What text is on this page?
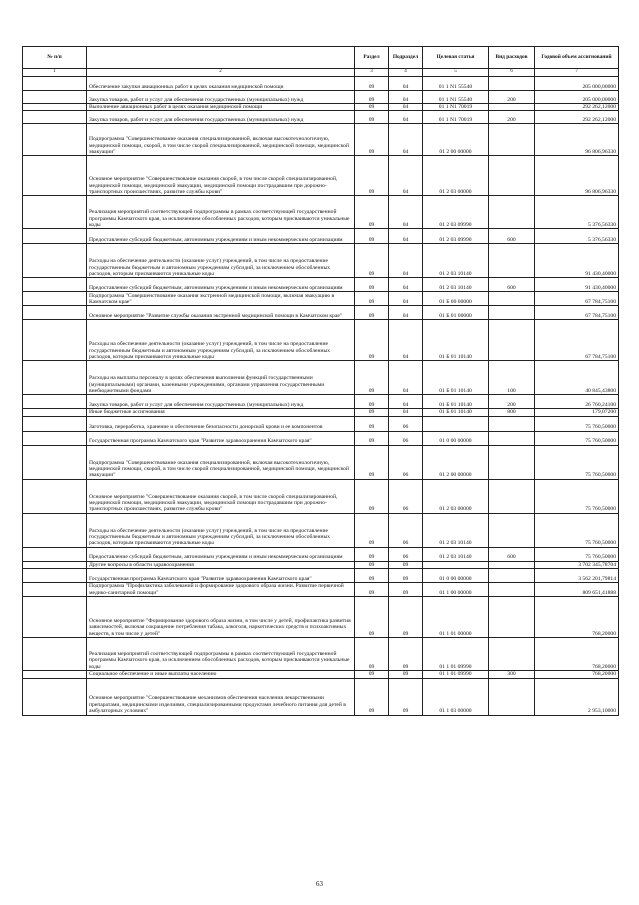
№ п/п		Раздел	Подраздел	Целевая статья	Вид расходов	Годовой объем ассигнований
1	2	3	4	5	6	7
	Обеспечение закупки авиационных работ в целях оказания медицинской помощи	09	04	01 1 N1 55540		205 000,00000
	Закупка товаров, работ и услуг для обеспечения государственных (муниципальных) нужд	09	04	01 1 N1 55540	200	205 000,00000
	Выполнение авиационных работ в целях оказания медицинской помощи	09	04	01 1 N1 70019		292 262,12000
	Закупка товаров, работ и услуг для обеспечения государственных (муниципальных) нужд	09	04	01 1 N1 70019	200	292 262,12000
	Подпрограмма "Совершенствование оказания специализированной, включая высокотехнологичную, медицинской помощи, скорой, в том числе скорой специализированной, медицинской помощи, медицинской эвакуации"	09	04	01 2 00 00000		96 806,96330
	Основное мероприятие "Совершенствование оказания скорой, в том числе скорой специализированной, медицинской помощи, медицинской эвакуации, медицинской помощи пострадавшим при дорожно-транспортных происшествиях, развитие службы крови"	09	04	01 2 03 00000		96 806,96330
	Реализация мероприятий соответствующей подпрограммы в рамках соответствующей государственной программы Камчатского края, за исключением обособленных расходов, которым присваиваются уникальные коды	09	04	01 2 03 09990		5 376,56330
	Предоставление субсидий бюджетным, автономным учреждениям и иным некоммерческим организациям	09	04	01 2 03 09990	600	5 376,56330
	Расходы на обеспечение деятельности (оказание услуг) учреждений, в том числе на предоставление государственным бюджетным и автономным учреждениям субсидий, за исключением обособленных расходов, которым присваиваются уникальные коды	09	04	01 2 03 10140		91 430,40000
	Предоставление субсидий бюджетным, автономным учреждениям и иным некоммерческим организациям	09	04	01 2 03 10140	600	91 430,40000
	Подпрограмма "Совершенствование оказания экстренной медицинской помощи, включая эвакуацию в Камчатском крае"	09	04	01 Б 00 00000		67 784,75100
	Основное мероприятие "Развитие службы оказания экстренной медицинской помощи в Камчатском крае"	09	04	01 Б 01 00000		67 784,75100
	Расходы на обеспечение деятельности (оказание услуг) учреждений, в том числе на предоставление государственным бюджетным и автономным учреждениям субсидий, за исключением обособленных расходов, которым присваиваются уникальные коды	09	04	01 Б 01 10140		67 784,75100
	Расходы на выплаты персоналу в целях обеспечения выполнения функций государственными (муниципальными) органами, казенными учреждениями, органами управления государственными внебюджетными фондами	09	04	01 Б 01 10140	100	40 845,43800
	Закупка товаров, работ и услуг для обеспечения государственных (муниципальных) нужд	09	04	01 Б 01 10140	200	26 760,24100
	Иные бюджетные ассигнования	09	04	01 Б 01 10140	800	179,07200
	Заготовка, переработка, хранение и обеспечение безопасности донорской крови и ее компонентов	09	06			75 760,50000
	Государственная программа Камчатского края "Развитие здравоохранения Камчатского края"	09	06	01 0 00 00000		75 760,50000
	Подпрограмма "Совершенствование оказания специализированной, включая высокотехнологичную, медицинской помощи, скорой, в том числе скорой специализированной, медицинской помощи, медицинской эвакуации"	09	06	01 2 00 00000		75 760,50000
	Основное мероприятие "Совершенствование оказания скорой, в том числе скорой специализированной, медицинской помощи, медицинской эвакуации, медицинской помощи пострадавшим при дорожно-транспортных происшествиях, развитие службы крови"	09	06	01 2 03 00000		75 760,50000
	Расходы на обеспечение деятельности (оказание услуг) учреждений, в том числе на предоставление государственным бюджетным и автономным учреждениям субсидий, за исключением обособленных расходов, которым присваиваются уникальные коды	09	06	01 2 03 10140		75 760,50000
	Предоставление субсидий бюджетным, автономным учреждениям и иным некоммерческим организациям	09	06	01 2 03 10140	600	75 760,50000
	Другие вопросы в области здравоохранения	09	09			3 702 345,78704
	Государственная программа Камчатского края "Развитие здравоохранения Камчатского края"	09	09	01 0 00 00000		3 562 201,79814
	Подпрограмма "Профилактика заболеваний и формирование здорового образа жизни. Развитие первичной медико-санитарной помощи"	09	09	01 1 00 00000		809 651,41888
	Основное мероприятие "Формирование здорового образа жизни, в том числе у детей, профилактика развития зависимостей, включая сокращение потребления табака, алкоголя, наркотических средств и психоактивных веществ, в том числе у детей"	09	09	01 1 01 00000		768,20000
	Реализация мероприятий соответствующей подпрограммы в рамках соответствующей государственной программы Камчатского края, за исключением обособленных расходов, которым присваиваются уникальные коды	09	09	01 1 01 09990		768,20000
	Социальное обеспечение и иные выплаты населению	09	09	01 1 01 09990	300	768,20000
	Основное мероприятие "Совершенствование механизмов обеспечения населения лекарственными препаратами, медицинскими изделиями, специализированными продуктами лечебного питания для детей в амбулаторных условиях"	09	09	01 1 03 00000		2 953,10000
63
